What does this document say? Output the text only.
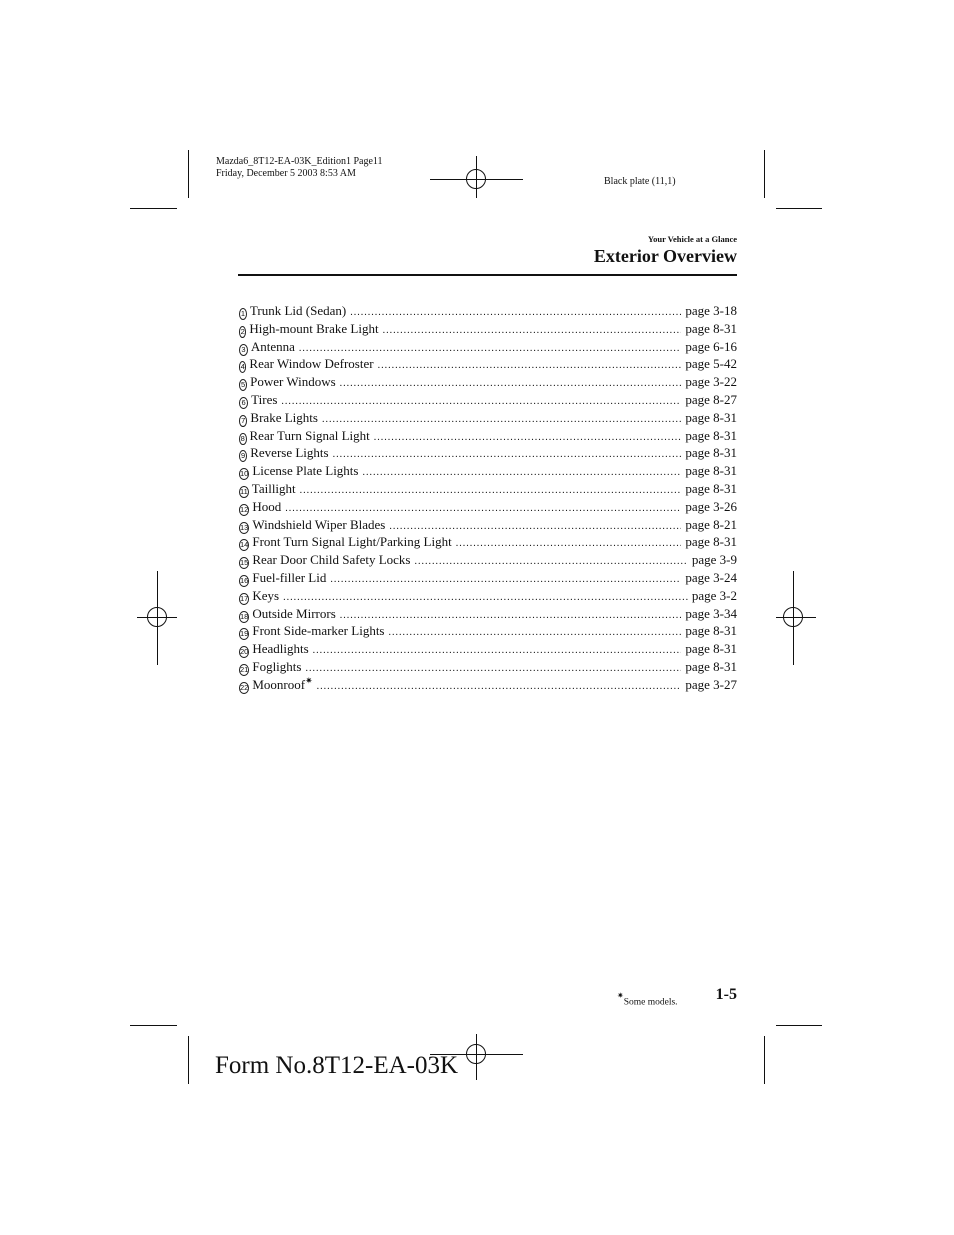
Mazda6_8T12-EA-03K_Edition1 Page11
Friday, December 5 2003 8:53 AM
Black plate (11,1)
Your Vehicle at a Glance
Exterior Overview
1 Trunk Lid (Sedan) .....	page 3-18
2 High-mount Brake Light .....	page 8-31
3 Antenna .....	page 6-16
4 Rear Window Defroster .....	page 5-42
5 Power Windows .....	page 3-22
6 Tires .....	page 8-27
7 Brake Lights .....	page 8-31
8 Rear Turn Signal Light .....	page 8-31
9 Reverse Lights .....	page 8-31
10 License Plate Lights .....	page 8-31
11 Taillight .....	page 8-31
12 Hood .....	page 3-26
13 Windshield Wiper Blades .....	page 8-21
14 Front Turn Signal Light/Parking Light .....	page 8-31
15 Rear Door Child Safety Locks .....	page 3-9
16 Fuel-filler Lid .....	page 3-24
17 Keys .....	page 3-2
18 Outside Mirrors .....	page 3-34
19 Front Side-marker Lights .....	page 8-31
20 Headlights .....	page 8-31
21 Foglights .....	page 8-31
22 Moonroof✷ .....	page 3-27
✷Some models. 1-5
Form No.8T12-EA-03K
